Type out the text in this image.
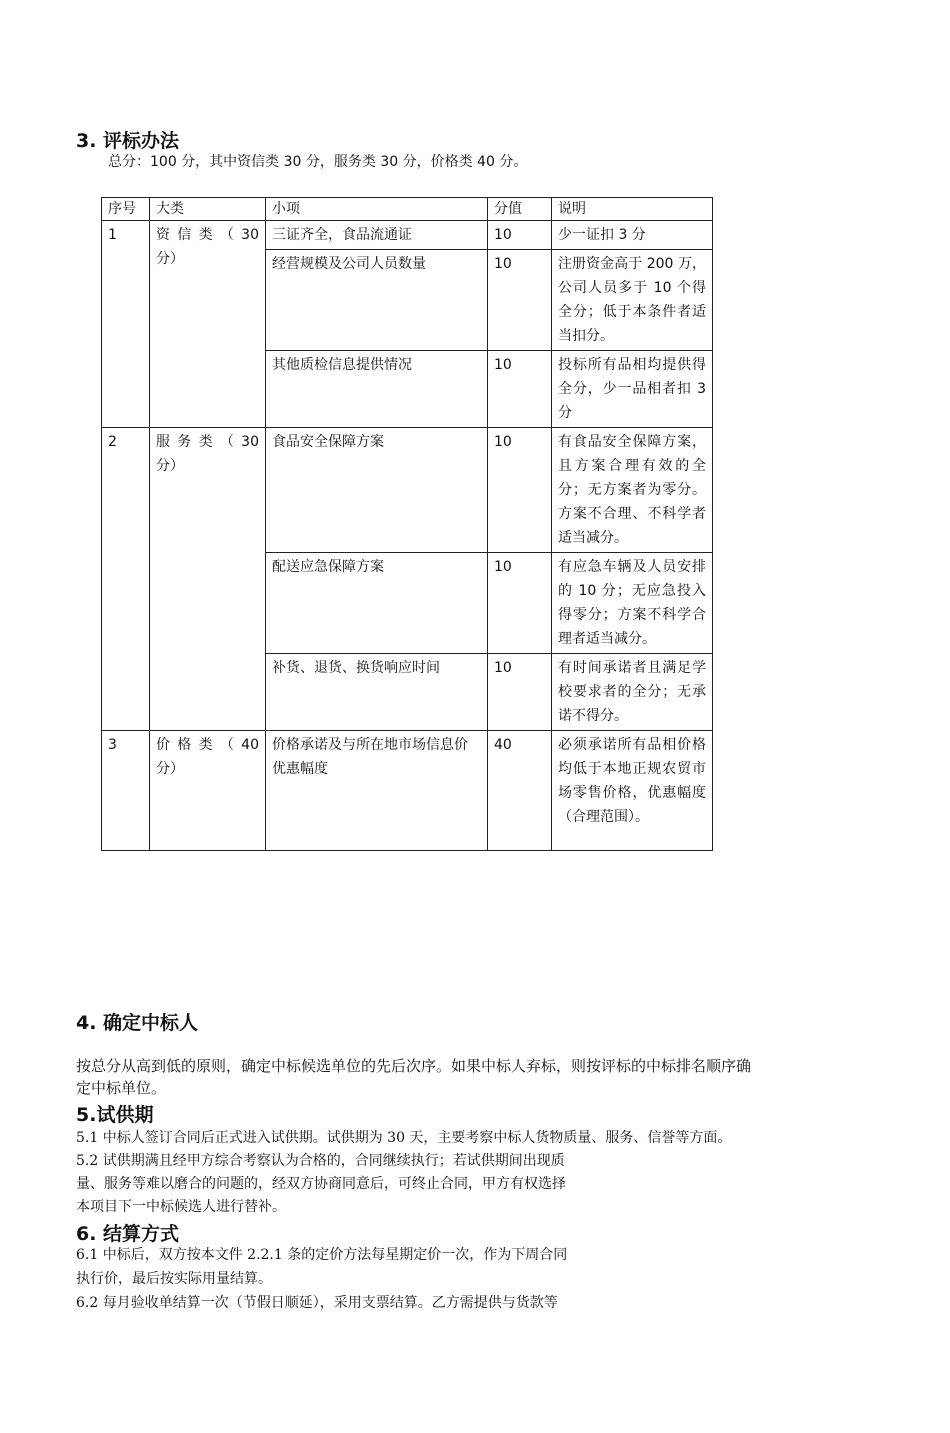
3. 评标办法
总分：100 分，其中资信类 30 分，服务类 30 分，价格类 40 分。
序号	大类	小项	分值	说明
1	资 信 类 （ 30 分）	三证齐全，食品流通证	10	少一证扣 3 分
		经营规模及公司人员数量	10	注册资金高于 200 万，公司人员多于 10 个得全分；低于本条件者适当扣分。
		其他质检信息提供情况	10	投标所有品相均提供得全分，少一品相者扣 3 分
2	服 务 类 （ 30 分）	食品安全保障方案	10	有食品安全保障方案，且方案合理有效的全分；无方案者为零分。方案不合理、不科学者适当减分。
		配送应急保障方案	10	有应急车辆及人员安排的 10 分；无应急投入得零分；方案不科学合理者适当减分。
		补货、退货、换货响应时间	10	有时间承诺者且满足学校要求者的全分；无承诺不得分。
3	价 格 类 （ 40 分）	价格承诺及与所在地市场信息价优惠幅度	40	必须承诺所有品相价格均低于本地正规农贸市场零售价格，优惠幅度（合理范围）。
4. 确定中标人
按总分从高到低的原则，确定中标候选单位的先后次序。如果中标人弃标，则按评标的中标排名顺序确
定中标单位。
5.试供期
5.1 中标人签订合同后正式进入试供期。试供期为 30 天，主要考察中标人货物质量、服务、信誉等方面。
5.2 试供期满且经甲方综合考察认为合格的，合同继续执行；若试供期间出现质
量、服务等难以磨合的问题的，经双方协商同意后，可终止合同，甲方有权选择
本项目下一中标候选人进行替补。
6. 结算方式
6.1 中标后，双方按本文件 2.2.1 条的定价方法每星期定价一次，作为下周合同
执行价，最后按实际用量结算。
6.2 每月验收单结算一次（节假日顺延），采用支票结算。乙方需提供与货款等
